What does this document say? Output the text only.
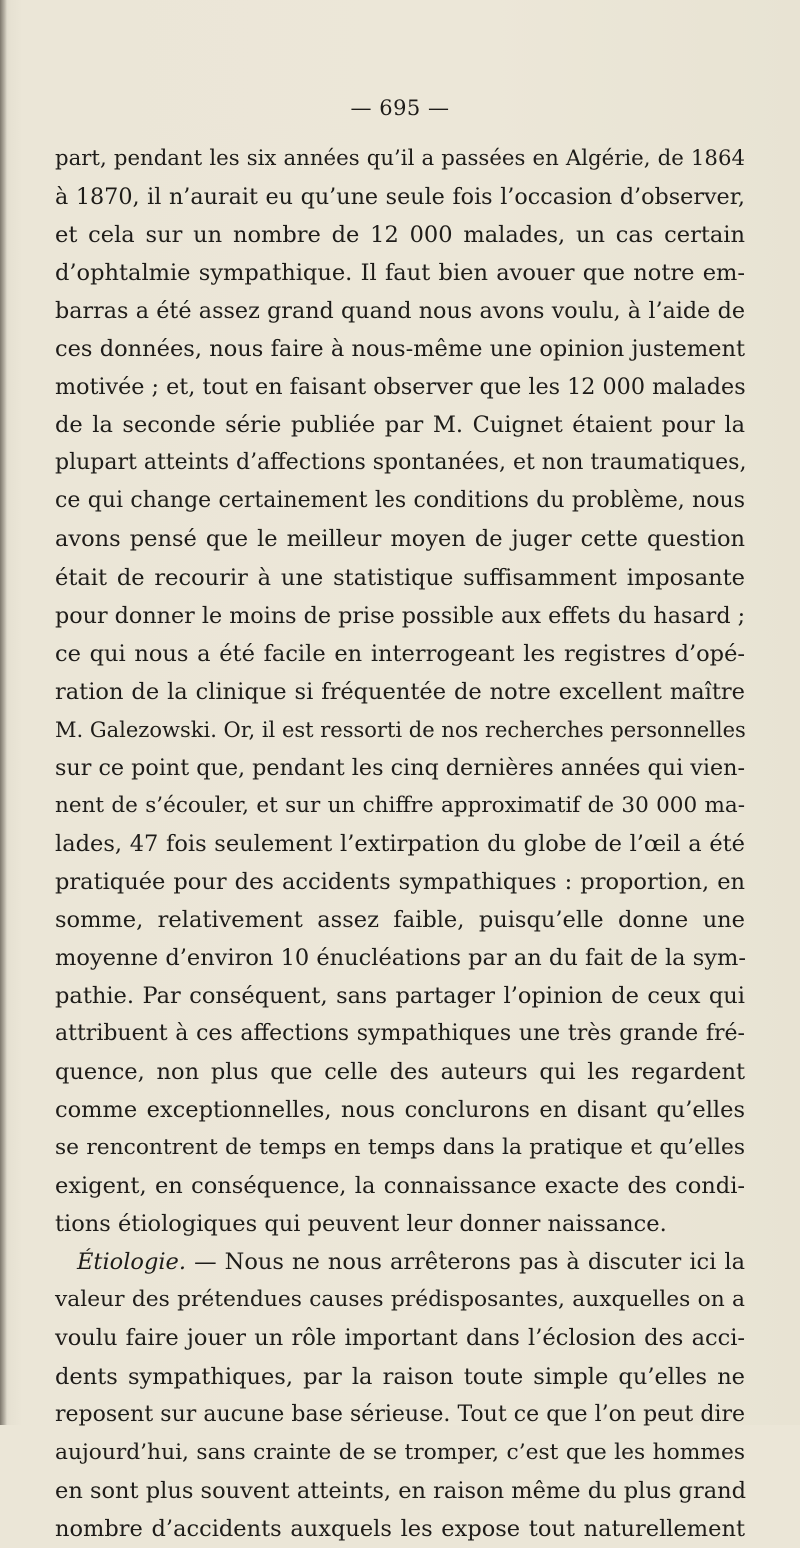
— 695 —
part, pendant les six années qu’il a passées en Algérie, de 1864
à 1870, il n’aurait eu qu’une seule fois l’occasion d’observer,
et cela sur un nombre de 12 000 malades, un cas certain
d’ophtalmie sympathique. Il faut bien avouer que notre em-
barras a été assez grand quand nous avons voulu, à l’aide de
ces données, nous faire à nous-même une opinion justement
motivée ; et, tout en faisant observer que les 12 000 malades
de la seconde série publiée par M. Cuignet étaient pour la
plupart atteints d’affections spontanées, et non traumatiques,
ce qui change certainement les conditions du problème, nous
avons pensé que le meilleur moyen de juger cette question
était de recourir à une statistique suffisamment imposante
pour donner le moins de prise possible aux effets du hasard ;
ce qui nous a été facile en interrogeant les registres d’opé-
ration de la clinique si fréquentée de notre excellent maître
M. Galezowski. Or, il est ressorti de nos recherches personnelles
sur ce point que, pendant les cinq dernières années qui vien-
nent de s’écouler, et sur un chiffre approximatif de 30 000 ma-
lades, 47 fois seulement l’extirpation du globe de l’œil a été
pratiquée pour des accidents sympathiques : proportion, en
somme, relativement assez faible, puisqu’elle donne une
moyenne d’environ 10 énucléations par an du fait de la sym-
pathie. Par conséquent, sans partager l’opinion de ceux qui
attribuent à ces affections sympathiques une très grande fré-
quence, non plus que celle des auteurs qui les regardent
comme exceptionnelles, nous conclurons en disant qu’elles
se rencontrent de temps en temps dans la pratique et qu’elles
exigent, en conséquence, la connaissance exacte des condi-
tions étiologiques qui peuvent leur donner naissance.
Étiologie. — Nous ne nous arrêterons pas à discuter ici la
valeur des prétendues causes prédisposantes, auxquelles on a
voulu faire jouer un rôle important dans l’éclosion des acci-
dents sympathiques, par la raison toute simple qu’elles ne
reposent sur aucune base sérieuse. Tout ce que l’on peut dire
aujourd’hui, sans crainte de se tromper, c’est que les hommes
en sont plus souvent atteints, en raison même du plus grand
nombre d’accidents auxquels les expose tout naturellement
